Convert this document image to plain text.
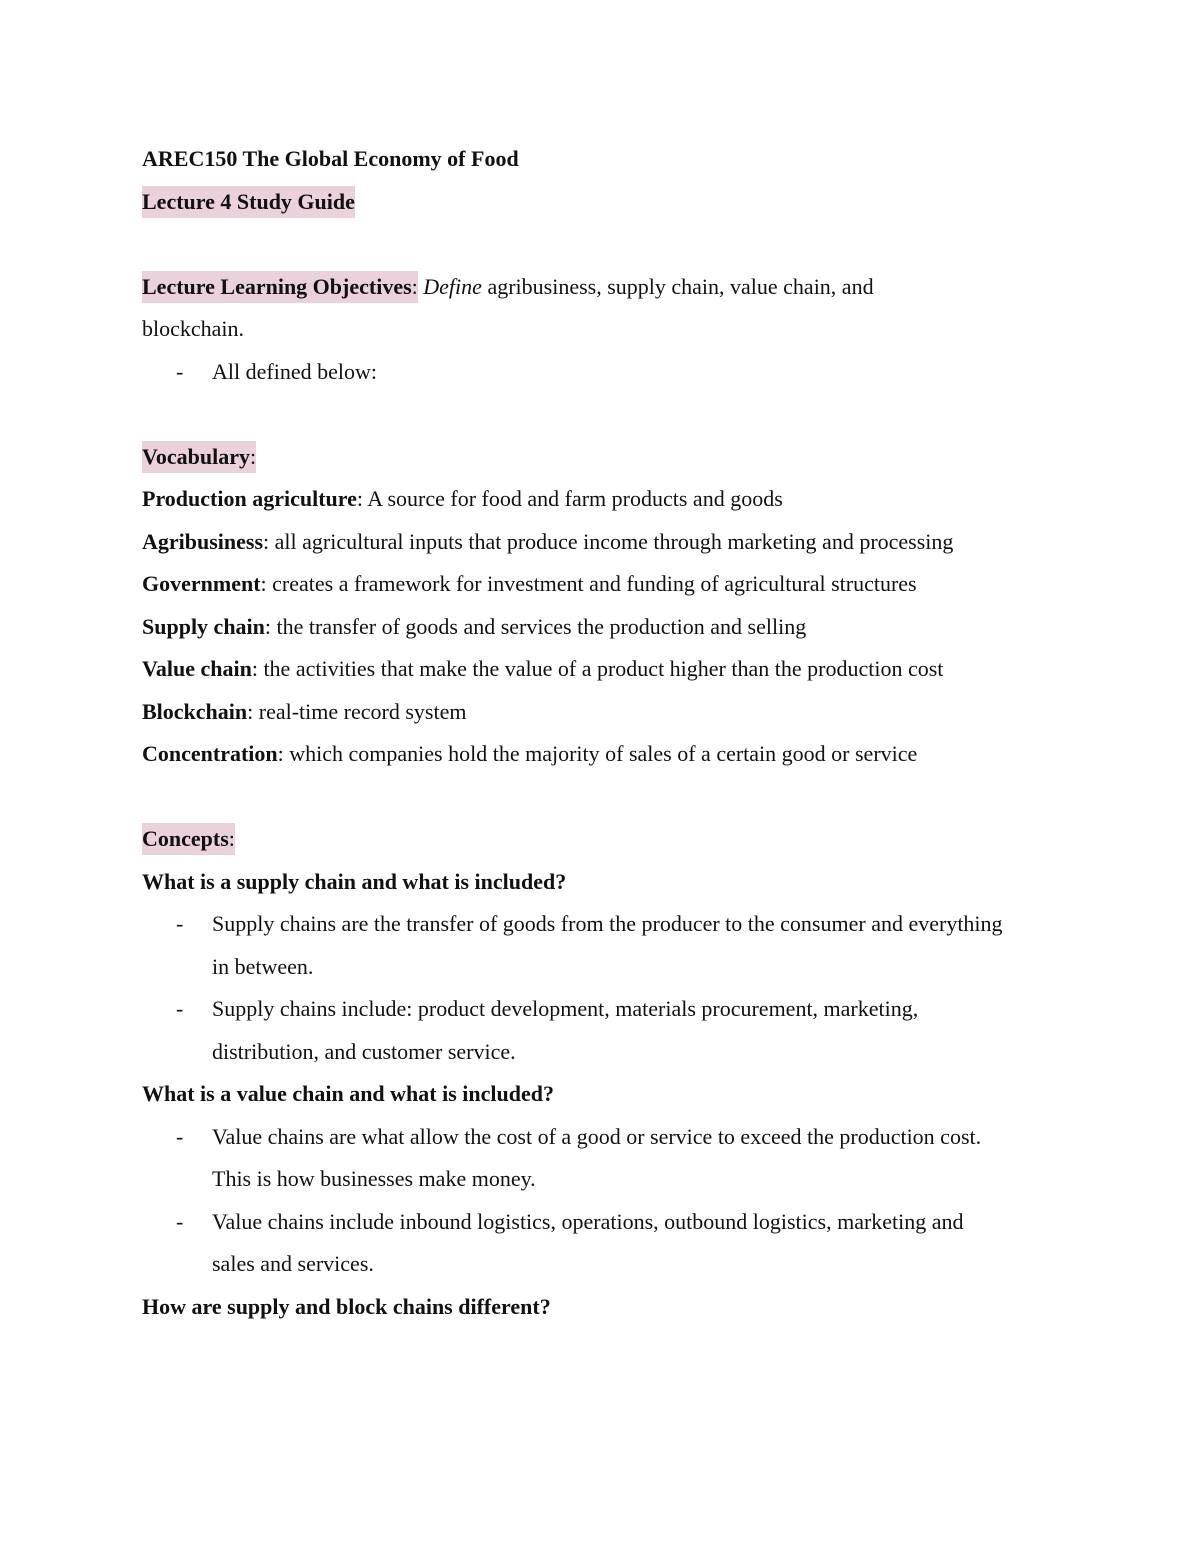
AREC150 The Global Economy of Food
Lecture 4 Study Guide
Lecture Learning Objectives: Define agribusiness, supply chain, value chain, and
blockchain.
- All defined below:
Vocabulary:
Production agriculture: A source for food and farm products and goods
Agribusiness: all agricultural inputs that produce income through marketing and processing
Government: creates a framework for investment and funding of agricultural structures
Supply chain: the transfer of goods and services the production and selling
Value chain: the activities that make the value of a product higher than the production cost
Blockchain: real-time record system
Concentration: which companies hold the majority of sales of a certain good or service
Concepts:
What is a supply chain and what is included?
- Supply chains are the transfer of goods from the producer to the consumer and everything
in between.
- Supply chains include: product development, materials procurement, marketing,
distribution, and customer service.
What is a value chain and what is included?
- Value chains are what allow the cost of a good or service to exceed the production cost.
This is how businesses make money.
- Value chains include inbound logistics, operations, outbound logistics, marketing and
sales and services.
How are supply and block chains different?
